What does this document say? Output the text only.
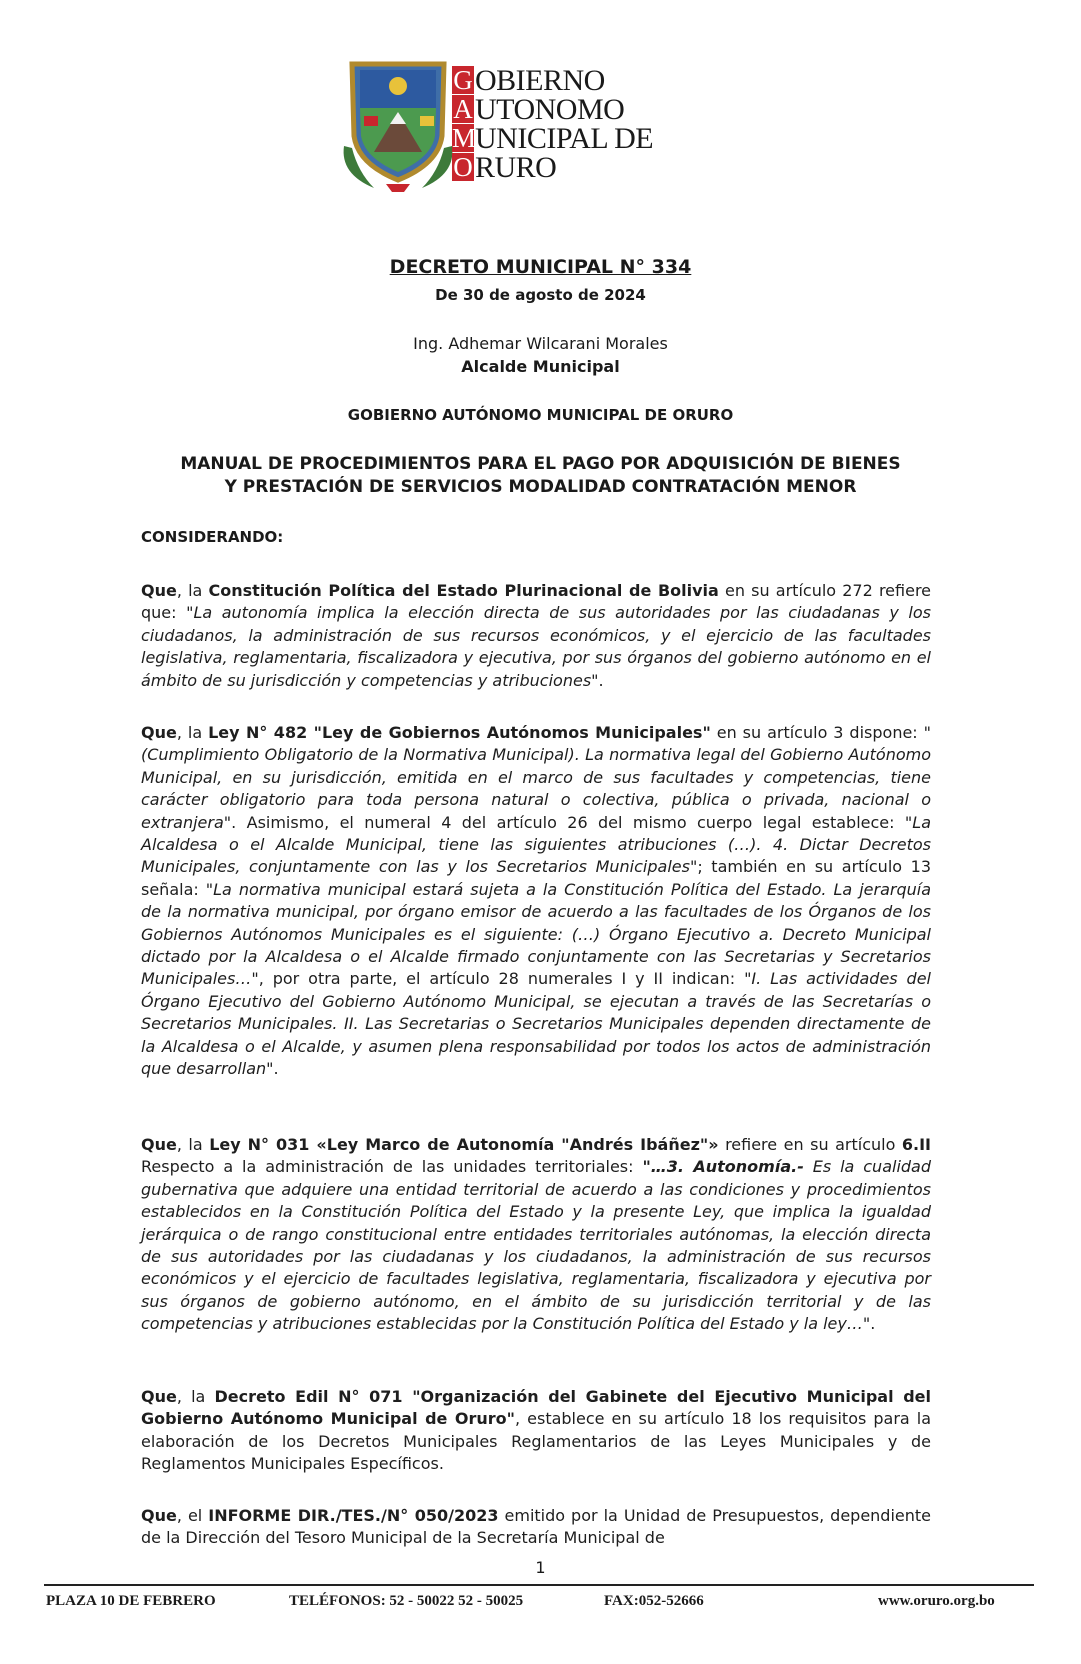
G
A
M
O
OBIERNO
UTONOMO
UNICIPAL DE
RURO
DECRETO MUNICIPAL N° 334
De 30 de agosto de 2024
Ing. Adhemar Wilcarani Morales
Alcalde Municipal
GOBIERNO AUTÓNOMO MUNICIPAL DE ORURO
MANUAL DE PROCEDIMIENTOS PARA EL PAGO POR ADQUISICIÓN DE BIENES
Y PRESTACIÓN DE SERVICIOS MODALIDAD CONTRATACIÓN MENOR
CONSIDERANDO:
Que, la Constitución Política del Estado Plurinacional de Bolivia en su artículo 272 refiere que: "La autonomía implica la elección directa de sus autoridades por las ciudadanas y los ciudadanos, la administración de sus recursos económicos, y el ejercicio de las facultades legislativa, reglamentaria, fiscalizadora y ejecutiva, por sus órganos del gobierno autónomo en el ámbito de su jurisdicción y competencias y atribuciones".
Que, la Ley N° 482 "Ley de Gobiernos Autónomos Municipales" en su artículo 3 dispone: "(Cumplimiento Obligatorio de la Normativa Municipal). La normativa legal del Gobierno Autónomo Municipal, en su jurisdicción, emitida en el marco de sus facultades y competencias, tiene carácter obligatorio para toda persona natural o colectiva, pública o privada, nacional o extranjera". Asimismo, el numeral 4 del artículo 26 del mismo cuerpo legal establece: "La Alcaldesa o el Alcalde Municipal, tiene las siguientes atribuciones (…). 4. Dictar Decretos Municipales, conjuntamente con las y los Secretarios Municipales"; también en su artículo 13 señala: "La normativa municipal estará sujeta a la Constitución Política del Estado. La jerarquía de la normativa municipal, por órgano emisor de acuerdo a las facultades de los Órganos de los Gobiernos Autónomos Municipales es el siguiente: (…) Órgano Ejecutivo a. Decreto Municipal dictado por la Alcaldesa o el Alcalde firmado conjuntamente con las Secretarias y Secretarios Municipales…", por otra parte, el artículo 28 numerales I y II indican: "I. Las actividades del Órgano Ejecutivo del Gobierno Autónomo Municipal, se ejecutan a través de las Secretarías o Secretarios Municipales. II. Las Secretarias o Secretarios Municipales dependen directamente de la Alcaldesa o el Alcalde, y asumen plena responsabilidad por todos los actos de administración que desarrollan".
Que, la Ley N° 031 «Ley Marco de Autonomía "Andrés Ibáñez"» refiere en su artículo 6.II Respecto a la administración de las unidades territoriales: "…3. Autonomía.- Es la cualidad gubernativa que adquiere una entidad territorial de acuerdo a las condiciones y procedimientos establecidos en la Constitución Política del Estado y la presente Ley, que implica la igualdad jerárquica o de rango constitucional entre entidades territoriales autónomas, la elección directa de sus autoridades por las ciudadanas y los ciudadanos, la administración de sus recursos económicos y el ejercicio de facultades legislativa, reglamentaria, fiscalizadora y ejecutiva por sus órganos de gobierno autónomo, en el ámbito de su jurisdicción territorial y de las competencias y atribuciones establecidas por la Constitución Política del Estado y la ley…".
Que, la Decreto Edil N° 071 "Organización del Gabinete del Ejecutivo Municipal del Gobierno Autónomo Municipal de Oruro", establece en su artículo 18 los requisitos para la elaboración de los Decretos Municipales Reglamentarios de las Leyes Municipales y de Reglamentos Municipales Específicos.
Que, el INFORME DIR./TES./N° 050/2023 emitido por la Unidad de Presupuestos, dependiente de la Dirección del Tesoro Municipal de la Secretaría Municipal de
1
PLAZA 10 DE FEBRERO	TELÉFONOS: 52 - 50022 52 - 50025	FAX:052-52666	www.oruro.org.bo
